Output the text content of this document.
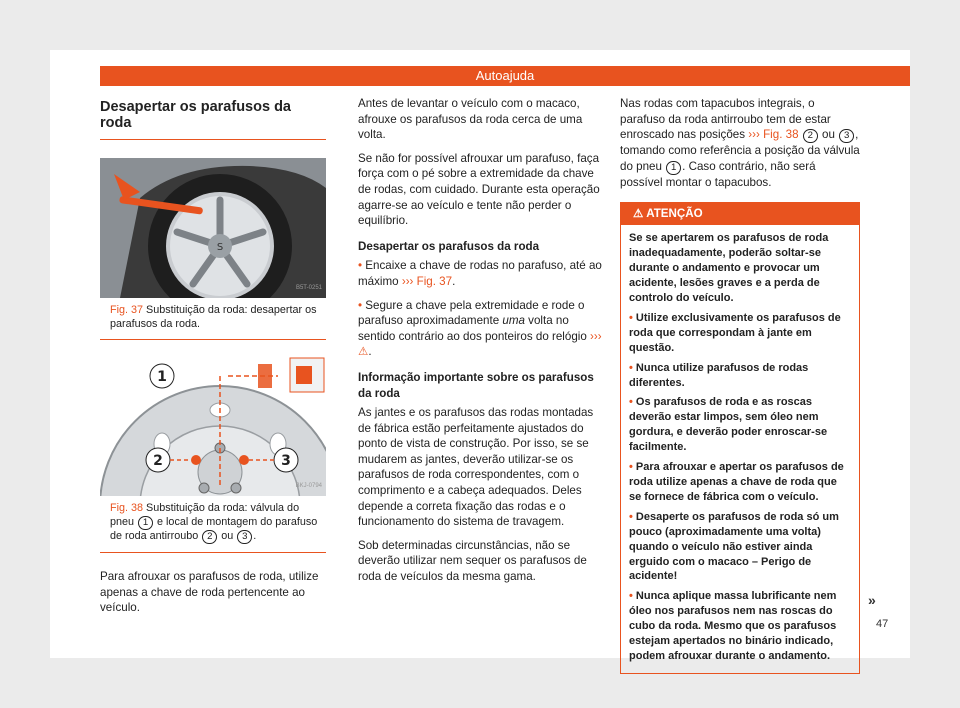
Autoajuda
Desapertar os parafusos da roda
S
B5T-0251
Fig. 37 Substituição da roda: desapertar os parafusos da roda.
1
2	3
BKJ-0794
Fig. 38 Substituição da roda: válvula do pneu 1 e local de montagem do parafuso de roda antirroubo 2 ou 3 .

Para afrouxar os parafusos de roda, utilize apenas a chave de roda pertencente ao veículo.

Antes de levantar o veículo com o macaco, afrouxe os parafusos da roda cerca de uma volta.

Se não for possível afrouxar um parafuso, faça força com o pé sobre a extremidade da chave de rodas, com cuidado. Durante esta operação agarre-se ao veículo e tente não perder o equilíbrio.

Desapertar os parafusos da roda

• Encaixe a chave de rodas no parafuso, até ao máximo ››› Fig. 37.

• Segure a chave pela extremidade e rode o parafuso aproximadamente uma volta no sentido contrário ao dos ponteiros do relógio ››› ⚠.

Informação importante sobre os parafusos da roda

As jantes e os parafusos das rodas montadas de fábrica estão perfeitamente ajustados do ponto de vista de construção. Por isso, se se mudarem as jantes, deverão utilizar-se os parafusos de roda correspondentes, com o comprimento e a cabeça adequados. Deles depende a correta fixação das rodas e o funcionamento do sistema de travagem.

Sob determinadas circunstâncias, não se deverão utilizar nem sequer os parafusos de roda de veículos da mesma gama.

Nas rodas com tapacubos integrais, o parafuso da roda antirroubo tem de estar enroscado nas posições ››› Fig. 38 2 ou 3 , tomando como referência a posição da válvula do pneu 1 . Caso contrário, não será possível montar o tapacubos.

⚠ ATENÇÃO

Se se apertarem os parafusos de roda inadequadamente, poderão soltar-se durante o andamento e provocar um acidente, lesões graves e a perda de controlo do veículo.

• Utilize exclusivamente os parafusos de roda que correspondam à jante em questão.

• Nunca utilize parafusos de rodas diferentes.

• Os parafusos de roda e as roscas deverão estar limpos, sem óleo nem gordura, e deverão poder enroscar-se facilmente.

• Para afrouxar e apertar os parafusos de roda utilize apenas a chave de roda que se fornece de fábrica com o veículo.

• Desaperte os parafusos de roda só um pouco (aproximadamente uma volta) quando o veículo não estiver ainda erguido com o macaco – Perigo de acidente!

• Nunca aplique massa lubrificante nem óleo nos parafusos nem nas roscas do cubo da roda. Mesmo que os parafusos estejam apertados no binário indicado, podem afrouxar durante o andamento.

»
47
